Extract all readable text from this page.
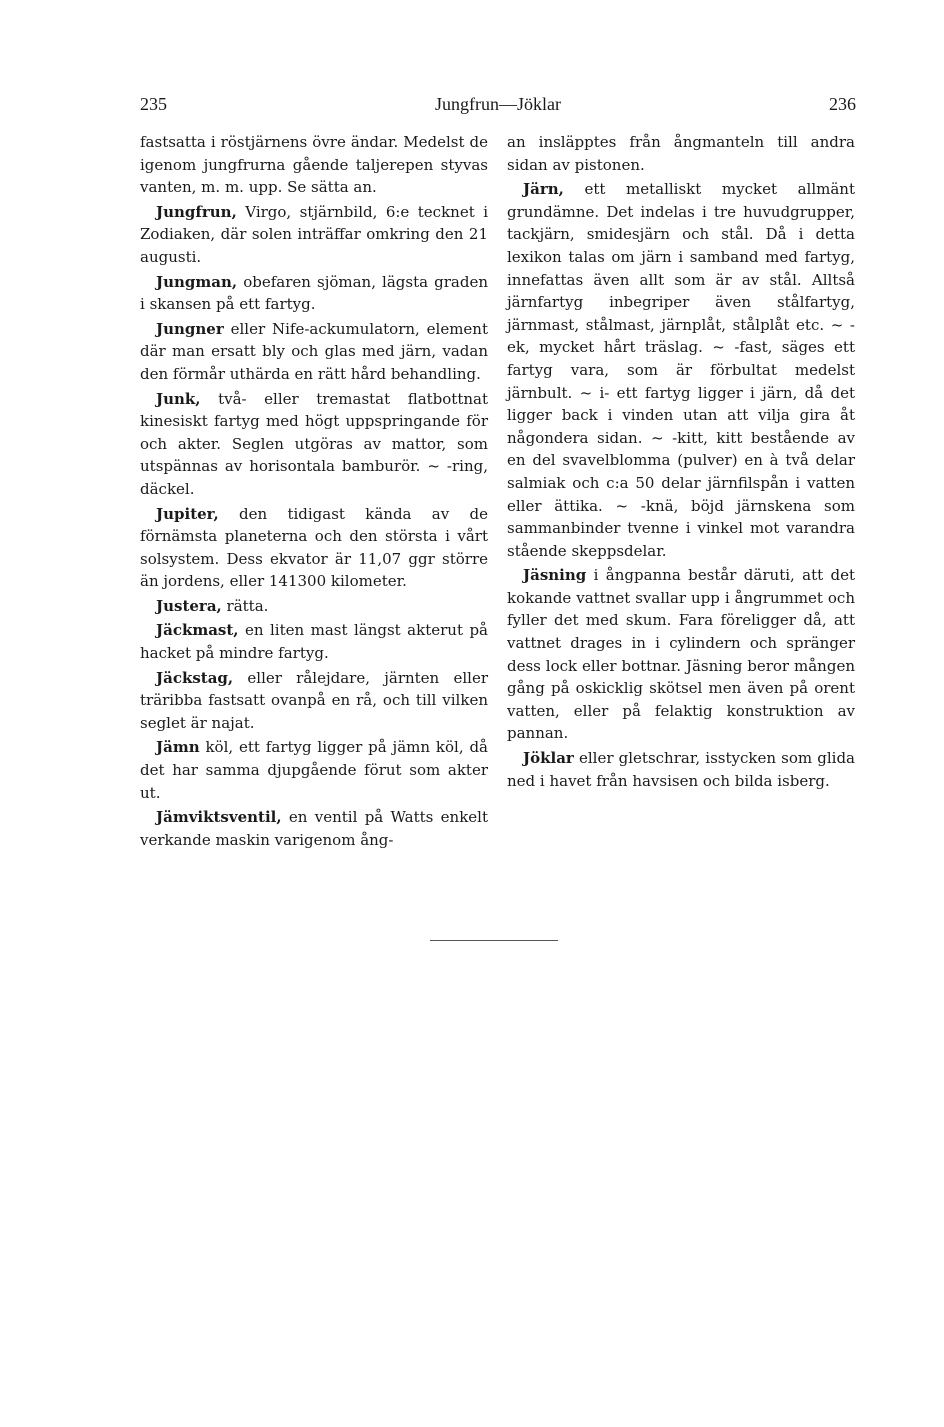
235	Jungfrun—Jöklar	236

fastsatta i röstjärnens övre ändar. Medelst de igenom jungfrurna gående taljerepen styvas vanten, m. m. upp. Se sätta an.

Jungfrun, Virgo, stjärnbild, 6:e tecknet i Zodiaken, där solen inträffar omkring den 21 augusti.

Jungman, obefaren sjöman, lägsta graden i skansen på ett fartyg.

Jungner eller Nife-ackumulatorn, element där man ersatt bly och glas med järn, vadan den förmår uthärda en rätt hård behandling.

Junk, två- eller tremastat flatbottnat kinesiskt fartyg med högt uppspringande för och akter. Seglen utgöras av mattor, som utspännas av horisontala bamburör. ~ -ring, däckel.

Jupiter, den tidigast kända av de förnämsta planeterna och den största i vårt solsystem. Dess ekvator är 11,07 ggr större än jordens, eller 141300 kilometer.

Justera, rätta.

Jäckmast, en liten mast längst akterut på hacket på mindre fartyg.

Jäckstag, eller rålejdare, järnten eller träribba fastsatt ovanpå en rå, och till vilken seglet är najat.

Jämn köl, ett fartyg ligger på jämn köl, då det har samma djupgående förut som akter ut.

Jämviktsventil, en ventil på Watts enkelt verkande maskin varigenom ång-

an insläpptes från ångmanteln till andra sidan av pistonen.

Järn, ett metalliskt mycket allmänt grundämne. Det indelas i tre huvudgrupper, tackjärn, smidesjärn och stål. Då i detta lexikon talas om järn i samband med fartyg, innefattas även allt som är av stål. Alltså järnfartyg inbegriper även stålfartyg, järnmast, stålmast, järnplåt, stålplåt etc. ~ -ek, mycket hårt träslag. ~ -fast, säges ett fartyg vara, som är förbultat medelst järnbult. ~ i- ett fartyg ligger i järn, då det ligger back i vinden utan att vilja gira åt någondera sidan. ~ -kitt, kitt bestående av en del svavelblomma (pulver) en à två delar salmiak och c:a 50 delar järnfilspån i vatten eller ättika. ~ -knä, böjd järnskena som sammanbinder tvenne i vinkel mot varandra stående skeppsdelar.

Jäsning i ångpanna består däruti, att det kokande vattnet svallar upp i ångrummet och fyller det med skum. Fara föreligger då, att vattnet drages in i cylindern och spränger dess lock eller bottnar. Jäsning beror mången gång på oskicklig skötsel men även på orent vatten, eller på felaktig konstruktion av pannan.

Jöklar eller gletschrar, isstycken som glida ned i havet från havsisen och bilda isberg.
